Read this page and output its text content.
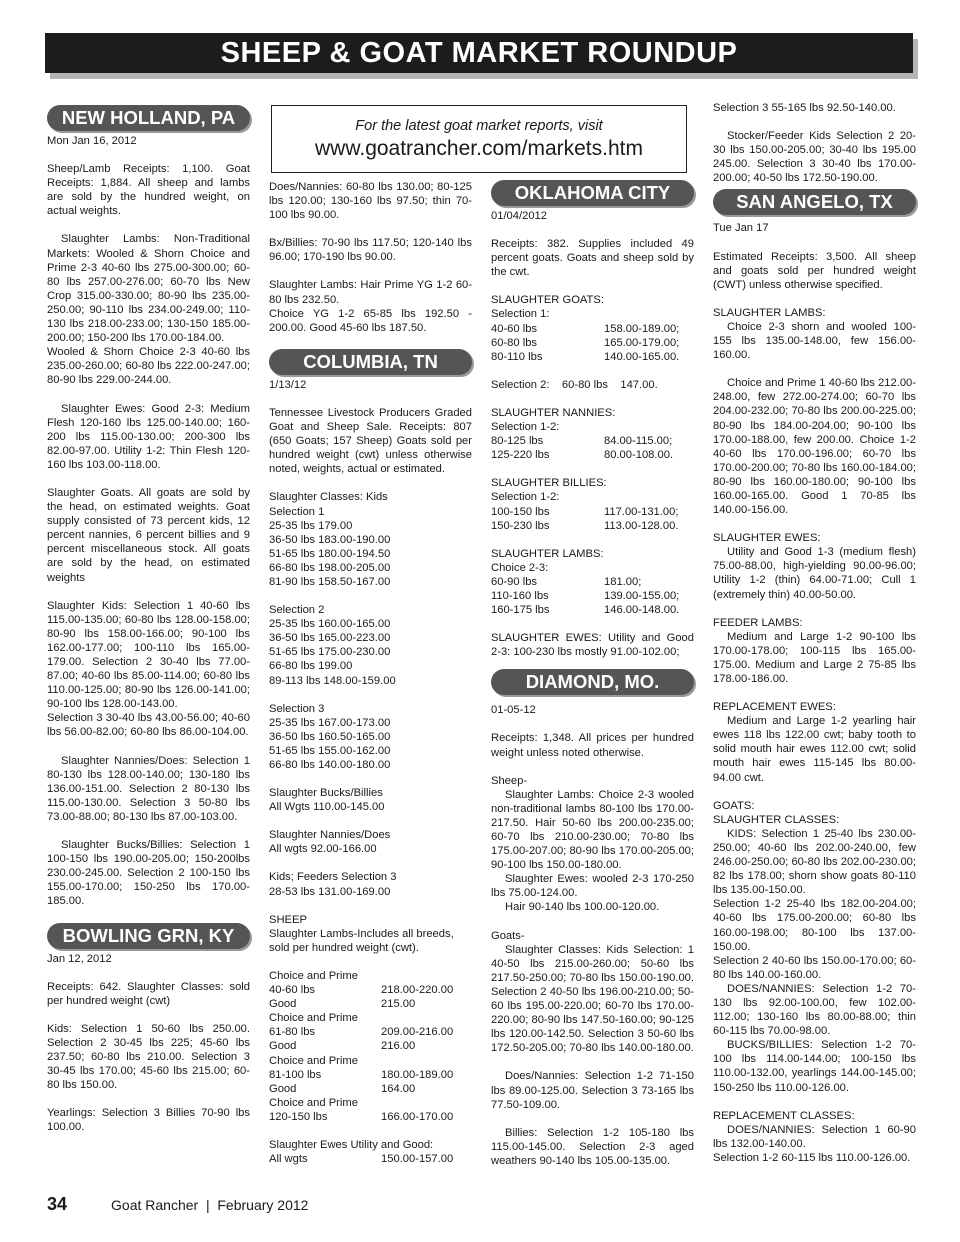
SHEEP & GOAT MARKET ROUNDUP
For the latest goat market reports, visit
www.goatrancher.com/markets.htm
NEW HOLLAND, PA

Mon Jan 16, 2012

Sheep/Lamb Receipts: 1,100. Goat Receipts: 1,884. All sheep and lambs are sold by the hundred weight, on actual weights.

Slaughter Lambs: Non-Traditional Markets: Wooled & Shorn Choice and Prime 2-3 40-60 lbs 275.00-300.00; 60-80 lbs 257.00-276.00; 60-70 lbs New Crop 315.00-330.00; 80-90 lbs 235.00-250.00; 90-110 lbs 234.00-249.00; 110-130 lbs 218.00-233.00; 130-150 185.00-200.00; 150-200 lbs 170.00-184.00.

Wooled & Shorn Choice 2-3 40-60 lbs 235.00-260.00; 60-80 lbs 222.00-247.00; 80-90 lbs 229.00-244.00.

Slaughter Ewes: Good 2-3: Medium Flesh 120-160 lbs 125.00-140.00; 160-200 lbs 115.00-130.00; 200-300 lbs 82.00-97.00. Utility 1-2: Thin Flesh 120-160 lbs 103.00-118.00.

Slaughter Goats. All goats are sold by the head, on estimated weights. Goat supply consisted of 73 percent kids, 12 percent nannies, 6 percent billies and 9 percent miscellaneous stock. All goats are sold by the head, on estimated weights

Slaughter Kids: Selection 1 40-60 lbs 115.00-135.00; 60-80 lbs 128.00-158.00; 80-90 lbs 158.00-166.00; 90-100 lbs 162.00-177.00; 100-110 lbs 165.00-179.00. Selection 2 30-40 lbs 77.00-87.00; 40-60 lbs 85.00-114.00; 60-80 lbs 110.00-125.00; 80-90 lbs 126.00-141.00; 90-100 lbs 128.00-143.00.

Selection 3 30-40 lbs 43.00-56.00; 40-60 lbs 56.00-82.00; 60-80 lbs 86.00-104.00.

Slaughter Nannies/Does: Selection 1 80-130 lbs 128.00-140.00; 130-180 lbs 136.00-151.00. Selection 2 80-130 lbs 115.00-130.00. Selection 3 50-80 lbs 73.00-88.00; 80-130 lbs 87.00-103.00.

Slaughter Bucks/Billies: Selection 1 100-150 lbs 190.00-205.00; 150-200lbs 230.00-245.00. Selection 2 100-150 lbs 155.00-170.00; 150-250 lbs 170.00-185.00.

BOWLING GRN, KY

Jan 12, 2012

Receipts: 642. Slaughter Classes: sold per hundred weight (cwt)

Kids: Selection 1 50-60 lbs 250.00. Selection 2 30-45 lbs 225; 45-60 lbs 237.50; 60-80 lbs 210.00. Selection 3 30-45 lbs 170.00; 45-60 lbs 215.00; 60-80 lbs 150.00.

Yearlings: Selection 3 Billies 70-90 lbs 100.00.

Does/Nannies: 60-80 lbs 130.00; 80-125 lbs 120.00; 130-160 lbs 97.50; thin 70-100 lbs 90.00.

Bx/Billies: 70-90 lbs 117.50; 120-140 lbs 96.00; 170-190 lbs 90.00.

Slaughter Lambs: Hair Prime YG 1-2 60-80 lbs 232.50.

Choice YG 1-2 65-85 lbs 192.50 - 200.00. Good 45-60 lbs 187.50.

COLUMBIA, TN

1/13/12

Tennessee Livestock Producers Graded Goat and Sheep Sale. Receipts: 807 (650 Goats; 157 Sheep) Goats sold per hundred weight (cwt) unless otherwise noted, weights, actual or estimated.

Slaughter Classes: Kids
Selection 1
25-35 lbs 179.00
36-50 lbs 183.00-190.00
51-65 lbs 180.00-194.50
66-80 lbs 198.00-205.00
81-90 lbs 158.50-167.00

Selection 2
25-35 lbs 160.00-165.00
36-50 lbs 165.00-223.00
51-65 lbs 175.00-230.00
66-80 lbs 199.00
89-113 lbs 148.00-159.00

Selection 3
25-35 lbs 167.00-173.00
36-50 lbs 160.50-165.00
51-65 lbs 155.00-162.00
66-80 lbs 140.00-180.00

Slaughter Bucks/Billies
All Wgts 110.00-145.00

Slaughter Nannies/Does
All wgts 92.00-166.00

Kids; Feeders Selection 3
28-53 lbs 131.00-169.00

SHEEP

Slaughter Lambs-Includes all breeds, sold per hundred weight (cwt).

Choice and Prime
40-60 lbs	218.00-220.00
Good	215.00
Choice and Prime
61-80 lbs	209.00-216.00
Good	216.00
Choice and Prime
81-100 lbs	180.00-189.00
Good	164.00
Choice and Prime
120-150 lbs	166.00-170.00
Slaughter Ewes Utility and Good:
All wgts	150.00-157.00
OKLAHOMA CITY

01/04/2012

Receipts: 382. Supplies included 49 percent goats. Goats and sheep sold by the cwt.

SLAUGHTER GOATS:
Selection 1:
40-60 lbs	158.00-189.00;
60-80 lbs	165.00-179.00;
80-110 lbs	140.00-165.00.

Selection 2:    60-80 lbs    147.00.

SLAUGHTER NANNIES:
Selection 1-2:
80-125 lbs	84.00-115.00;
125-220 lbs	80.00-108.00.
SLAUGHTER BILLIES:
Selection 1-2:
100-150 lbs	117.00-131.00;
150-230 lbs	113.00-128.00.
SLAUGHTER LAMBS:
Choice 2-3:
60-90 lbs	181.00;
110-160 lbs	139.00-155.00;
160-175 lbs	146.00-148.00.

SLAUGHTER EWES: Utility and Good 2-3: 100-230 lbs mostly 91.00-102.00;

DIAMOND, MO.

01-05-12

Receipts: 1,348. All prices per hundred weight unless noted otherwise.

Sheep-

Slaughter Lambs: Choice 2-3 wooled non-traditional lambs 80-100 lbs 170.00-217.50. Hair 50-60 lbs 200.00-235.00; 60-70 lbs 210.00-230.00; 70-80 lbs 175.00-207.00; 80-90 lbs 170.00-205.00; 90-100 lbs 150.00-180.00.

Slaughter Ewes: wooled 2-3 170-250 lbs 75.00-124.00.

Hair 90-140 lbs 100.00-120.00.

Goats-

Slaughter Classes: Kids Selection: 1 40-50 lbs 215.00-260.00; 50-60 lbs 217.50-250.00; 70-80 lbs 150.00-190.00. Selection 2 40-50 lbs 196.00-210.00; 50-60 lbs 195.00-220.00; 60-70 lbs 170.00-220.00; 80-90 lbs 147.50-160.00; 90-125 lbs 120.00-142.50. Selection 3 50-60 lbs 172.50-205.00; 70-80 lbs 140.00-180.00.

Does/Nannies: Selection 1-2 71-150 lbs 89.00-125.00. Selection 3 73-165 lbs 77.50-109.00.

Billies: Selection 1-2 105-180 lbs 115.00-145.00. Selection 2-3 aged weathers 90-140 lbs 105.00-135.00.

Selection 3 55-165 lbs 92.50-140.00.

Stocker/Feeder Kids Selection 2 20-30 lbs 150.00-205.00; 30-40 lbs 195.00 245.00. Selection 3 30-40 lbs 170.00-200.00; 40-50 lbs 172.50-190.00.

SAN ANGELO, TX

Tue Jan 17

Estimated Receipts: 3,500. All sheep and goats sold per hundred weight (CWT) unless otherwise specified.

SLAUGHTER LAMBS:

Choice 2-3 shorn and wooled 100-155 lbs 135.00-148.00, few 156.00-160.00.

Choice and Prime 1 40-60 lbs 212.00-248.00, few 272.00-274.00; 60-70 lbs 204.00-232.00; 70-80 lbs 200.00-225.00; 80-90 lbs 184.00-204.00; 90-100 lbs 170.00-188.00, few 200.00. Choice 1-2 40-60 lbs 170.00-196.00; 60-70 lbs 170.00-200.00; 70-80 lbs 160.00-184.00; 80-90 lbs 160.00-180.00; 90-100 lbs 160.00-165.00. Good 1 70-85 lbs 140.00-156.00.

SLAUGHTER EWES:

Utility and Good 1-3 (medium flesh) 75.00-88.00, high-yielding 90.00-96.00; Utility 1-2 (thin) 64.00-71.00; Cull 1 (extremely thin) 40.00-50.00.

FEEDER LAMBS:

Medium and Large 1-2 90-100 lbs 170.00-178.00; 100-115 lbs 165.00-175.00. Medium and Large 2 75-85 lbs 178.00-186.00.

REPLACEMENT EWES:

Medium and Large 1-2 yearling hair ewes 118 lbs 122.00 cwt; baby tooth to solid mouth hair ewes 112.00 cwt; solid mouth hair ewes 115-145 lbs 80.00-94.00 cwt.

GOATS:
SLAUGHTER CLASSES:

KIDS: Selection 1 25-40 lbs 230.00-250.00; 40-60 lbs 202.00-240.00, few 246.00-250.00; 60-80 lbs 202.00-230.00; 82 lbs 178.00; shorn show goats 80-110 lbs 135.00-150.00.

Selection 1-2 25-40 lbs 182.00-204.00; 40-60 lbs 175.00-200.00; 60-80 lbs 160.00-198.00; 80-100 lbs 137.00-150.00.

Selection 2 40-60 lbs 150.00-170.00; 60-80 lbs 140.00-160.00.

DOES/NANNIES: Selection 1-2 70-130 lbs 92.00-100.00, few 102.00-112.00; 130-160 lbs 80.00-88.00; thin 60-115 lbs 70.00-98.00.

BUCKS/BILLIES: Selection 1-2 70-100 lbs 114.00-144.00; 100-150 lbs 110.00-132.00, yearlings 144.00-145.00; 150-250 lbs 110.00-126.00.

REPLACEMENT CLASSES:

DOES/NANNIES: Selection 1 60-90 lbs 132.00-140.00.

Selection 1-2 60-115 lbs 110.00-126.00.

34	Goat Rancher  |  February 2012
